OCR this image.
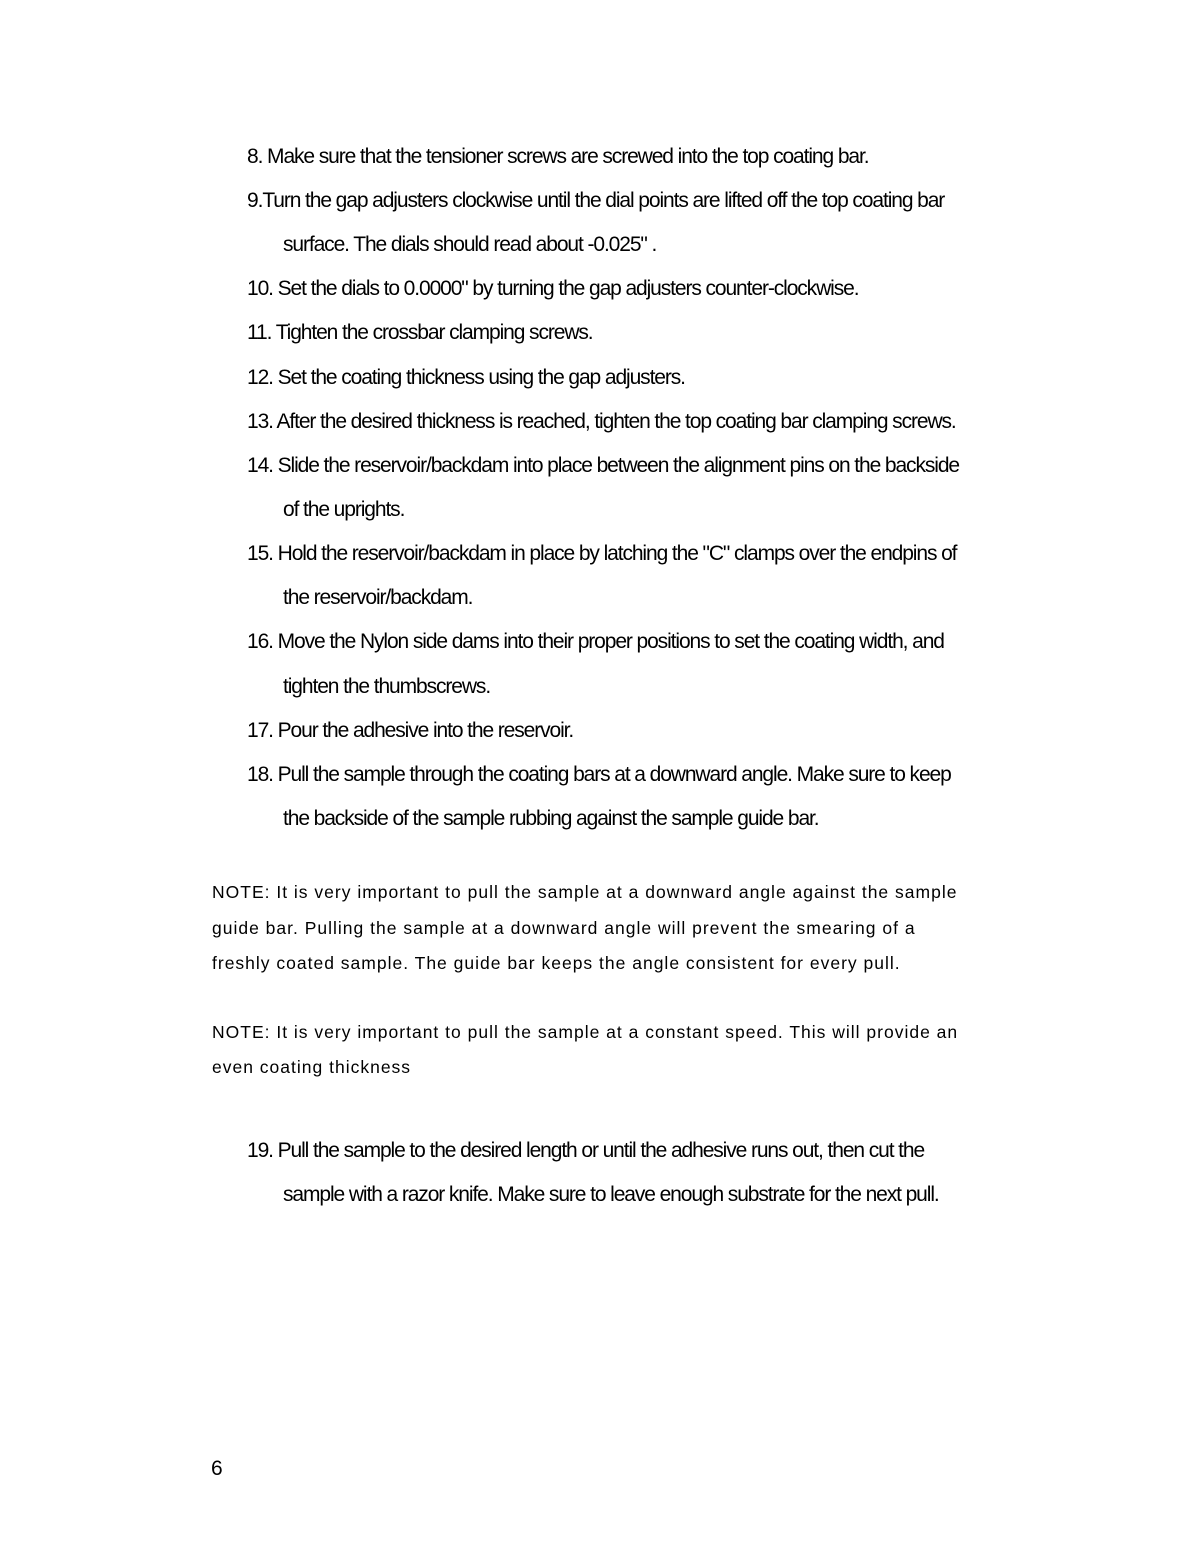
8. Make sure that the tensioner screws are screwed into the top coating bar.
9.Turn the gap adjusters clockwise until the dial points are lifted off the top coating bar
surface. The dials should read about -0.025" .
10. Set the dials to 0.0000" by turning the gap adjusters counter-clockwise.
11. Tighten the crossbar clamping screws.
12. Set the coating thickness using the gap adjusters.
13. After the desired thickness is reached, tighten the top coating bar clamping screws.
14. Slide the reservoir/backdam into place between the alignment pins on the backside
of the uprights.
15. Hold the reservoir/backdam in place by latching the "C" clamps over the endpins of
the reservoir/backdam.
16. Move the Nylon side dams into their proper positions to set the coating width, and
tighten the thumbscrews.
17. Pour the adhesive into the reservoir.
18. Pull the sample through the coating bars at a downward angle. Make sure to keep
the backside of the sample rubbing against the sample guide bar.
NOTE: It is very important to pull the sample at a downward angle against the sample
guide bar. Pulling the sample at a downward angle will prevent the smearing of a
freshly coated sample. The guide bar keeps the angle consistent for every pull.
NOTE: It is very important to pull the sample at a constant speed. This will provide an
even coating thickness
19. Pull the sample to the desired length or until the adhesive runs out, then cut the
sample with a razor knife. Make sure to leave enough substrate for the next pull.
6
